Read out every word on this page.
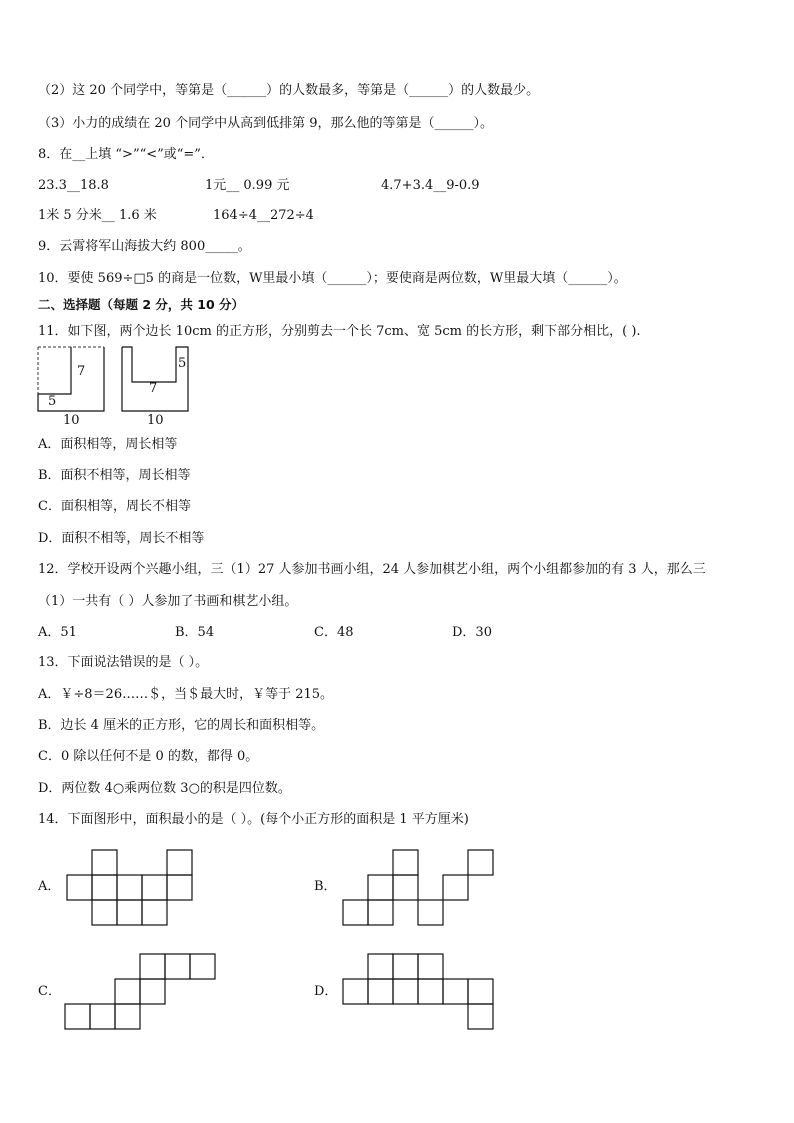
（2）这 20 个同学中，等第是（______）的人数最多，等第是（______）的人数最少。
（3）小力的成绩在 20 个同学中从高到低排第 9，那么他的等第是（______）。
8．在__上填 “>”“<”或“=”．
23.3__18.8	1元__ 0.99 元	4.7+3.4__9-0.9
1米 5 分米__ 1.6 米	164÷4__272÷4
9．云霄将军山海拔大约 800_____。
10．要使 569÷□5 的商是一位数，W里最小填（______）；要使商是两位数，W里最大填（______）。
二、选择题（每题 2 分，共 10 分）
11．如下图，两个边长 10cm 的正方形，分别剪去一个长 7cm、宽 5cm 的长方形，剩下部分相比，( ).
7
5
10
5
7
10
A．面积相等，周长相等
B．面积不相等，周长相等
C．面积相等，周长不相等
D．面积不相等，周长不相等
12．学校开设两个兴趣小组，三（1）27 人参加书画小组，24 人参加棋艺小组，两个小组都参加的有 3 人，那么三
（1）一共有（ ）人参加了书画和棋艺小组。
A．51	B．54	C．48	D．30
13．下面说法错误的是（ ）。
A．￥÷8＝26……＄，当＄最大时，￥等于 215。
B．边长 4 厘米的正方形，它的周长和面积相等。
C．0 除以任何不是 0 的数，都得 0。
D．两位数 4○乘两位数 3○的积是四位数。
14．下面图形中，面积最小的是（ ）。(每个小正方形的面积是 1 平方厘米)
A．	B．
C．	D．
